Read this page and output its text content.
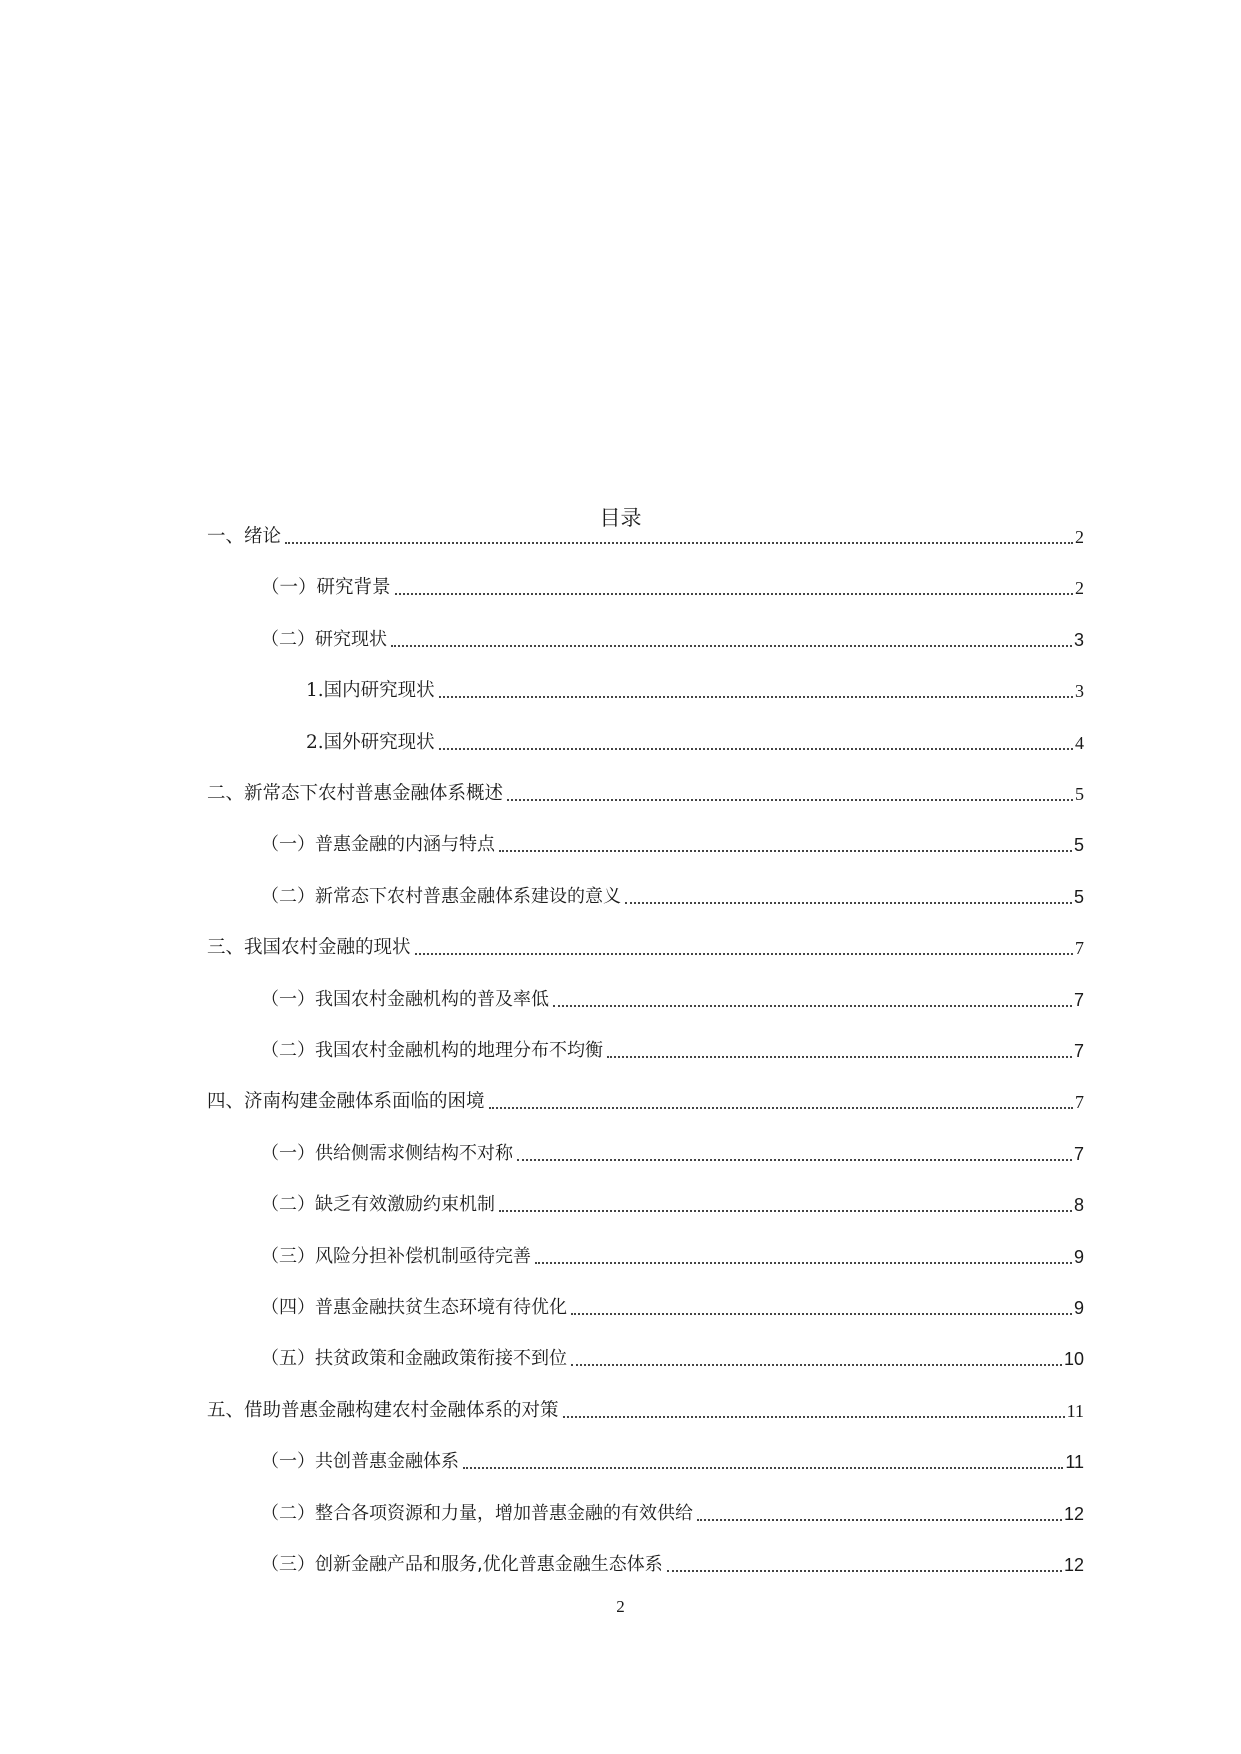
目录
一、绪论	2
（一）研究背景	2
（二）研究现状	3
1.国内研究现状	3
2.国外研究现状	4
二、新常态下农村普惠金融体系概述	5
（一）普惠金融的内涵与特点	5
（二）新常态下农村普惠金融体系建设的意义	5
三、我国农村金融的现状	7
（一）我国农村金融机构的普及率低	7
（二）我国农村金融机构的地理分布不均衡	7
四、济南构建金融体系面临的困境	7
（一）供给侧需求侧结构不对称	7
（二）缺乏有效激励约束机制	8
（三）风险分担补偿机制亟待完善	9
（四）普惠金融扶贫生态环境有待优化	9
（五）扶贫政策和金融政策衔接不到位	10
五、借助普惠金融构建农村金融体系的对策	11
（一）共创普惠金融体系	11
（二）整合各项资源和力量，增加普惠金融的有效供给	12
（三）创新金融产品和服务,优化普惠金融生态体系	12
2
